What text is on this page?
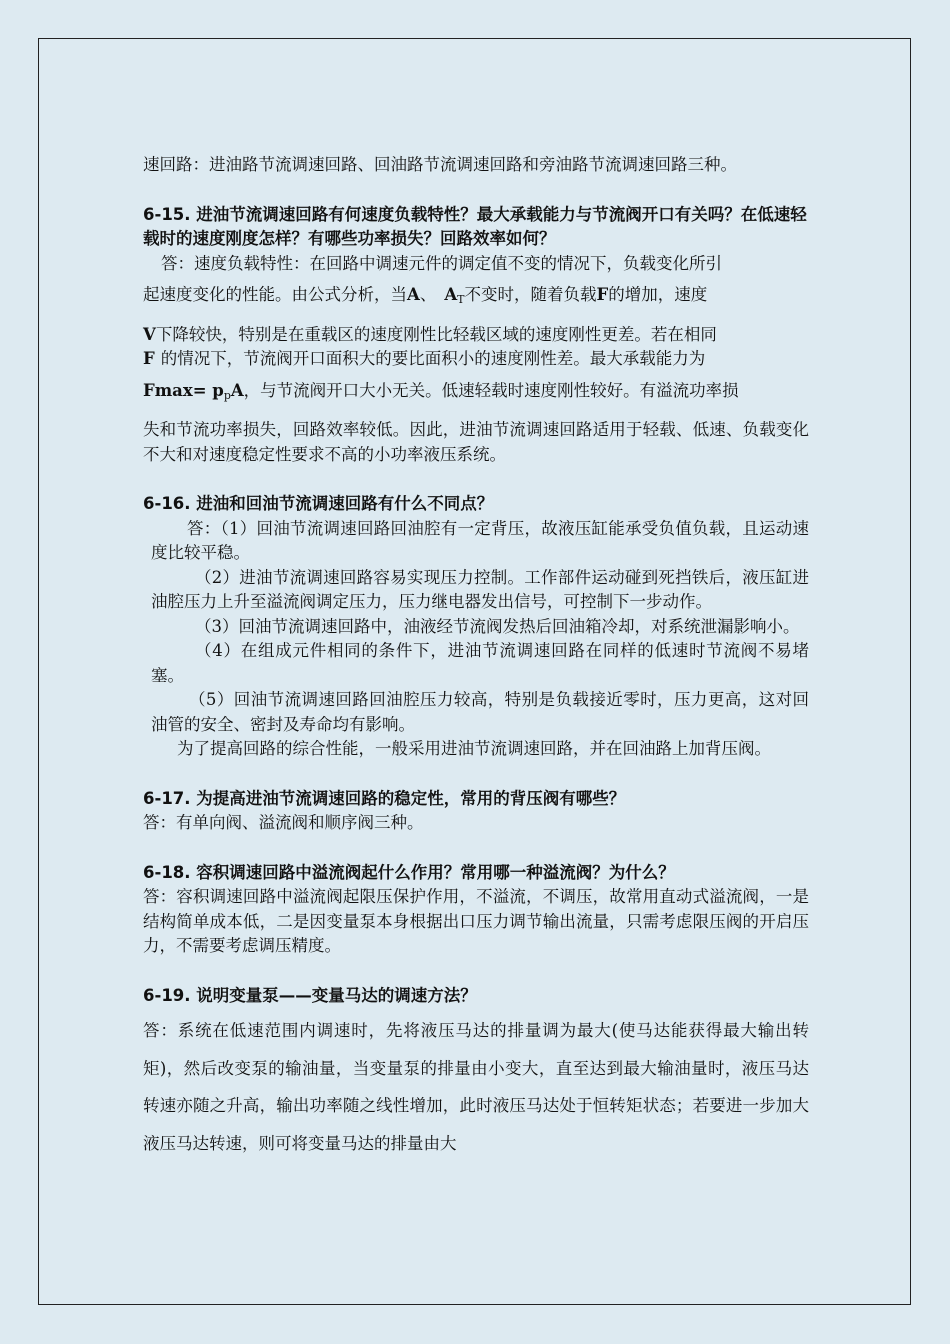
速回路：进油路节流调速回路、回油路节流调速回路和旁油路节流调速回路三种。

6-15. 进油节流调速回路有何速度负载特性？最大承载能力与节流阀开口有关吗？在低速轻载时的速度刚度怎样？有哪些功率损失？回路效率如何？

答：速度负载特性：在回路中调速元件的调定值不变的情况下，负载变化所引

起速度变化的性能。由公式分析，当A、 $A_T$不变时，随着负载F的增加，速度

V下降较快，特别是在重载区的速度刚性比轻载区域的速度刚性更差。若在相同

F 的情况下，节流阀开口面积大的要比面积小的速度刚性差。最大承载能力为

$Fmax= p_pA$，与节流阀开口大小无关。低速轻载时速度刚性较好。有溢流功率损

失和节流功率损失，回路效率较低。因此，进油节流调速回路适用于轻载、低速、负载变化不大和对速度稳定性要求不高的小功率液压系统。

6-16. 进油和回油节流调速回路有什么不同点？

答：（1）回油节流调速回路回油腔有一定背压，故液压缸能承受负值负载，且运动速度比较平稳。

（2）进油节流调速回路容易实现压力控制。工作部件运动碰到死挡铁后，液压缸进油腔压力上升至溢流阀调定压力，压力继电器发出信号，可控制下一步动作。

（3）回油节流调速回路中，油液经节流阀发热后回油箱冷却，对系统泄漏影响小。

（4）在组成元件相同的条件下，进油节流调速回路在同样的低速时节流阀不易堵塞。

（5）回油节流调速回路回油腔压力较高，特别是负载接近零时，压力更高，这对回油管的安全、密封及寿命均有影响。

为了提高回路的综合性能，一般采用进油节流调速回路，并在回油路上加背压阀。

6-17. 为提高进油节流调速回路的稳定性，常用的背压阀有哪些？

答：有单向阀、溢流阀和顺序阀三种。

6-18. 容积调速回路中溢流阀起什么作用？常用哪一种溢流阀？为什么？

答：容积调速回路中溢流阀起限压保护作用，不溢流，不调压，故常用直动式溢流阀，一是结构简单成本低，二是因变量泵本身根据出口压力调节输出流量，只需考虑限压阀的开启压力，不需要考虑调压精度。

6-19. 说明变量泵——变量马达的调速方法？

答：系统在低速范围内调速时，先将液压马达的排量调为最大(使马达能获得最大输出转矩)，然后改变泵的输油量，当变量泵的排量由小变大，直至达到最大输油量时，液压马达转速亦随之升高，输出功率随之线性增加，此时液压马达处于恒转矩状态；若要进一步加大液压马达转速，则可将变量马达的排量由大
